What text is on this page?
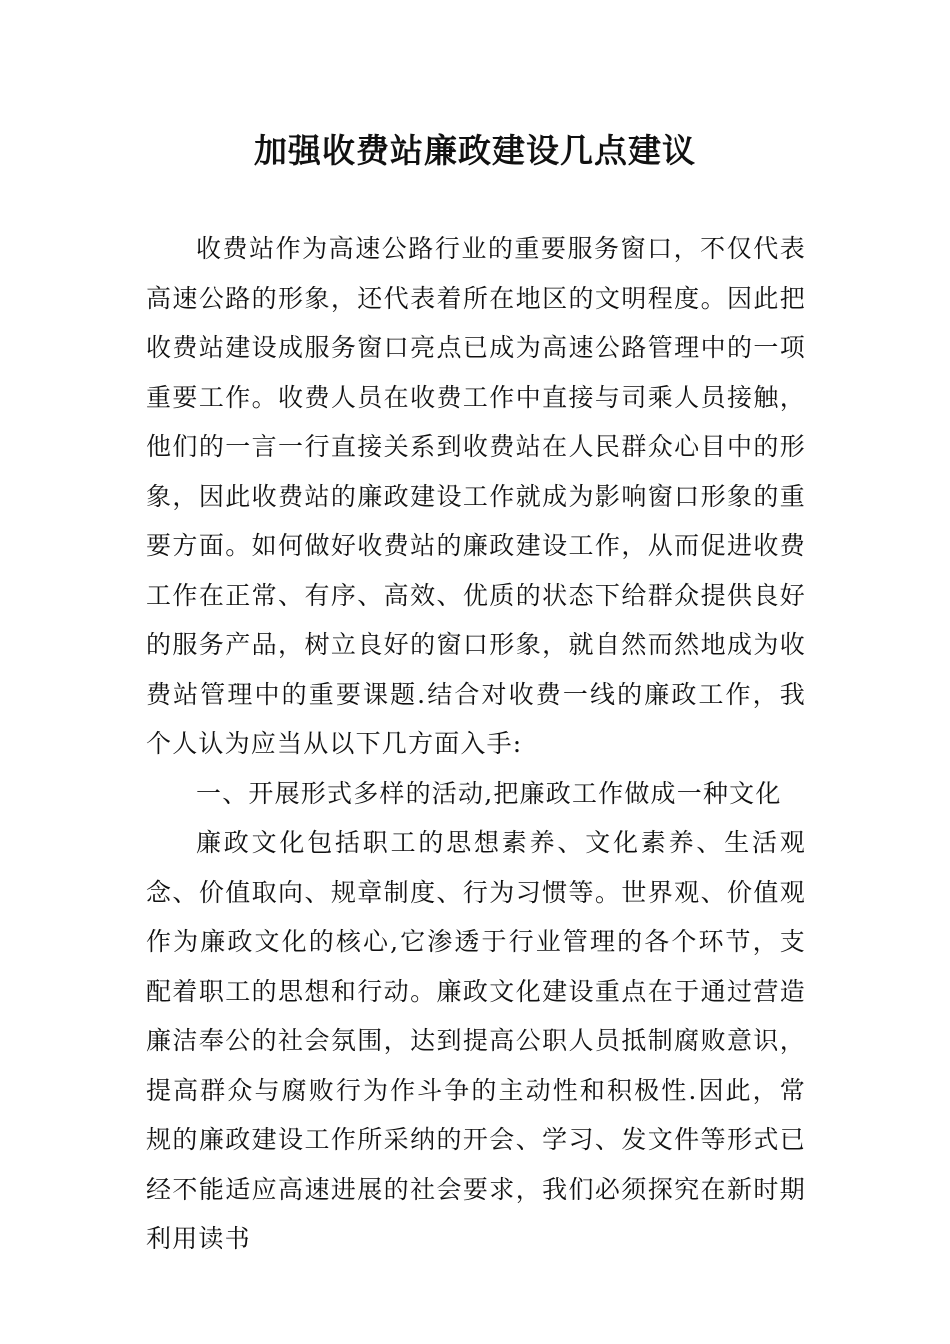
加强收费站廉政建设几点建议

收费站作为高速公路行业的重要服务窗口，不仅代表高速公路的形象，还代表着所在地区的文明程度。因此把收费站建设成服务窗口亮点已成为高速公路管理中的一项重要工作。收费人员在收费工作中直接与司乘人员接触，他们的一言一行直接关系到收费站在人民群众心目中的形象，因此收费站的廉政建设工作就成为影响窗口形象的重要方面。如何做好收费站的廉政建设工作，从而促进收费工作在正常、有序、高效、优质的状态下给群众提供良好的服务产品，树立良好的窗口形象，就自然而然地成为收费站管理中的重要课题.结合对收费一线的廉政工作，我个人认为应当从以下几方面入手:

一、开展形式多样的活动,把廉政工作做成一种文化

廉政文化包括职工的思想素养、文化素养、生活观念、价值取向、规章制度、行为习惯等。世界观、价值观作为廉政文化的核心,它渗透于行业管理的各个环节，支配着职工的思想和行动。廉政文化建设重点在于通过营造廉洁奉公的社会氛围，达到提高公职人员抵制腐败意识，提高群众与腐败行为作斗争的主动性和积极性.因此，常规的廉政建设工作所采纳的开会、学习、发文件等形式已经不能适应高速进展的社会要求，我们必须探究在新时期利用读书
